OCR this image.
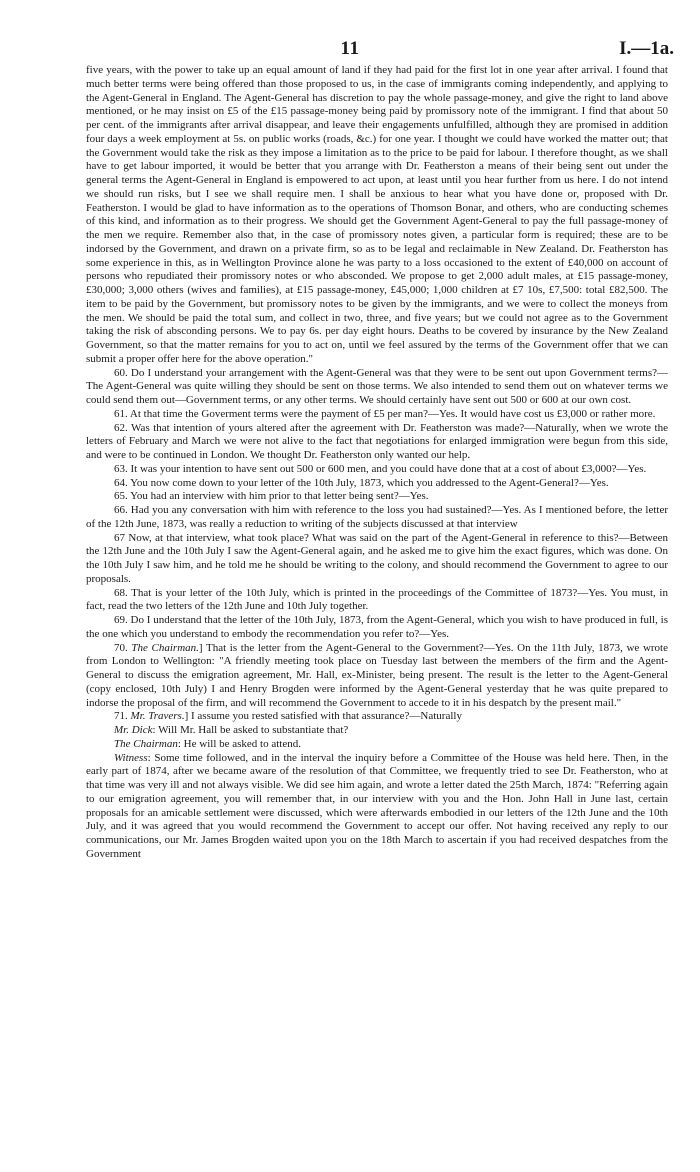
11	I.—1a.

five years, with the power to take up an equal amount of land if they had paid for the first lot in one year after arrival. I found that much better terms were being offered than those proposed to us, in the case of immigrants coming independently, and applying to the Agent-General in England. The Agent-General has discretion to pay the whole passage-money, and give the right to land above mentioned, or he may insist on £5 of the £15 passage-money being paid by promissory note of the immigrant. I find that about 50 per cent. of the immigrants after arrival disappear, and leave their engagements unfulfilled, although they are promised in addition four days a week employment at 5s. on public works (roads, &c.) for one year. I thought we could have worked the matter out; that the Government would take the risk as they impose a limitation as to the price to be paid for labour. I therefore thought, as we shall have to get labour imported, it would be better that you arrange with Dr. Featherston a means of their being sent out under the general terms the Agent-General in England is empowered to act upon, at least until you hear further from us here. I do not intend we should run risks, but I see we shall require men. I shall be anxious to hear what you have done or, proposed with Dr. Featherston. I would be glad to have information as to the operations of Thomson Bonar, and others, who are conducting schemes of this kind, and information as to their progress. We should get the Government Agent-General to pay the full passage-money of the men we require. Remember also that, in the case of promissory notes given, a particular form is required; these are to be indorsed by the Government, and drawn on a private firm, so as to be legal and reclaimable in New Zealand. Dr. Featherston has some experience in this, as in Wellington Province alone he was party to a loss occasioned to the extent of £40,000 on account of persons who repudiated their promissory notes or who absconded. We propose to get 2,000 adult males, at £15 passage-money, £30,000; 3,000 others (wives and families), at £15 passage-money, £45,000; 1,000 children at £7 10s, £7,500: total £82,500. The item to be paid by the Government, but promissory notes to be given by the immigrants, and we were to collect the moneys from the men. We should be paid the total sum, and collect in two, three, and five years; but we could not agree as to the Government taking the risk of absconding persons. We to pay 6s. per day eight hours. Deaths to be covered by insurance by the New Zealand Government, so that the matter remains for you to act on, until we feel assured by the terms of the Government offer that we can submit a proper offer here for the above operation."

60. Do I understand your arrangement with the Agent-General was that they were to be sent out upon Government terms?—The Agent-General was quite willing they should be sent on those terms. We also intended to send them out on whatever terms we could send them out—Government terms, or any other terms. We should certainly have sent out 500 or 600 at our own cost.

61. At that time the Goverment terms were the payment of £5 per man?—Yes. It would have cost us £3,000 or rather more.

62. Was that intention of yours altered after the agreement with Dr. Featherston was made?—Naturally, when we wrote the letters of February and March we were not alive to the fact that negotiations for enlarged immigration were begun from this side, and were to be continued in London. We thought Dr. Featherston only wanted our help.

63. It was your intention to have sent out 500 or 600 men, and you could have done that at a cost of about £3,000?—Yes.

64. You now come down to your letter of the 10th July, 1873, which you addressed to the Agent-General?—Yes.

65. You had an interview with him prior to that letter being sent?—Yes.

66. Had you any conversation with him with reference to the loss you had sustained?—Yes. As I mentioned before, the letter of the 12th June, 1873, was really a reduction to writing of the subjects discussed at that interview

67 Now, at that interview, what took place? What was said on the part of the Agent-General in reference to this?—Between the 12th June and the 10th July I saw the Agent-General again, and he asked me to give him the exact figures, which was done. On the 10th July I saw him, and he told me he should be writing to the colony, and should recommend the Government to agree to our proposals.

68. That is your letter of the 10th July, which is printed in the proceedings of the Committee of 1873?—Yes. You must, in fact, read the two letters of the 12th June and 10th July together.

69. Do I understand that the letter of the 10th July, 1873, from the Agent-General, which you wish to have produced in full, is the one which you understand to embody the recommendation you refer to?—Yes.

70. The Chairman.] That is the letter from the Agent-General to the Government?—Yes. On the 11th July, 1873, we wrote from London to Wellington: "A friendly meeting took place on Tuesday last between the members of the firm and the Agent-General to discuss the emigration agreement, Mr. Hall, ex-Minister, being present. The result is the letter to the Agent-General (copy enclosed, 10th July) I and Henry Brogden were informed by the Agent-General yesterday that he was quite prepared to indorse the proposal of the firm, and will recommend the Government to accede to it in his despatch by the present mail."

71. Mr. Travers.] I assume you rested satisfied with that assurance?—Naturally

Mr. Dick: Will Mr. Hall be asked to substantiate that?

The Chairman: He will be asked to attend.

Witness: Some time followed, and in the interval the inquiry before a Committee of the House was held here. Then, in the early part of 1874, after we became aware of the resolution of that Committee, we frequently tried to see Dr. Featherston, who at that time was very ill and not always visible. We did see him again, and wrote a letter dated the 25th March, 1874: "Referring again to our emigration agreement, you will remember that, in our interview with you and the Hon. John Hall in June last, certain proposals for an amicable settlement were discussed, which were afterwards embodied in our letters of the 12th June and the 10th July, and it was agreed that you would recommend the Government to accept our offer. Not having received any reply to our communications, our Mr. James Brogden waited upon you on the 18th March to ascertain if you had received despatches from the Government
